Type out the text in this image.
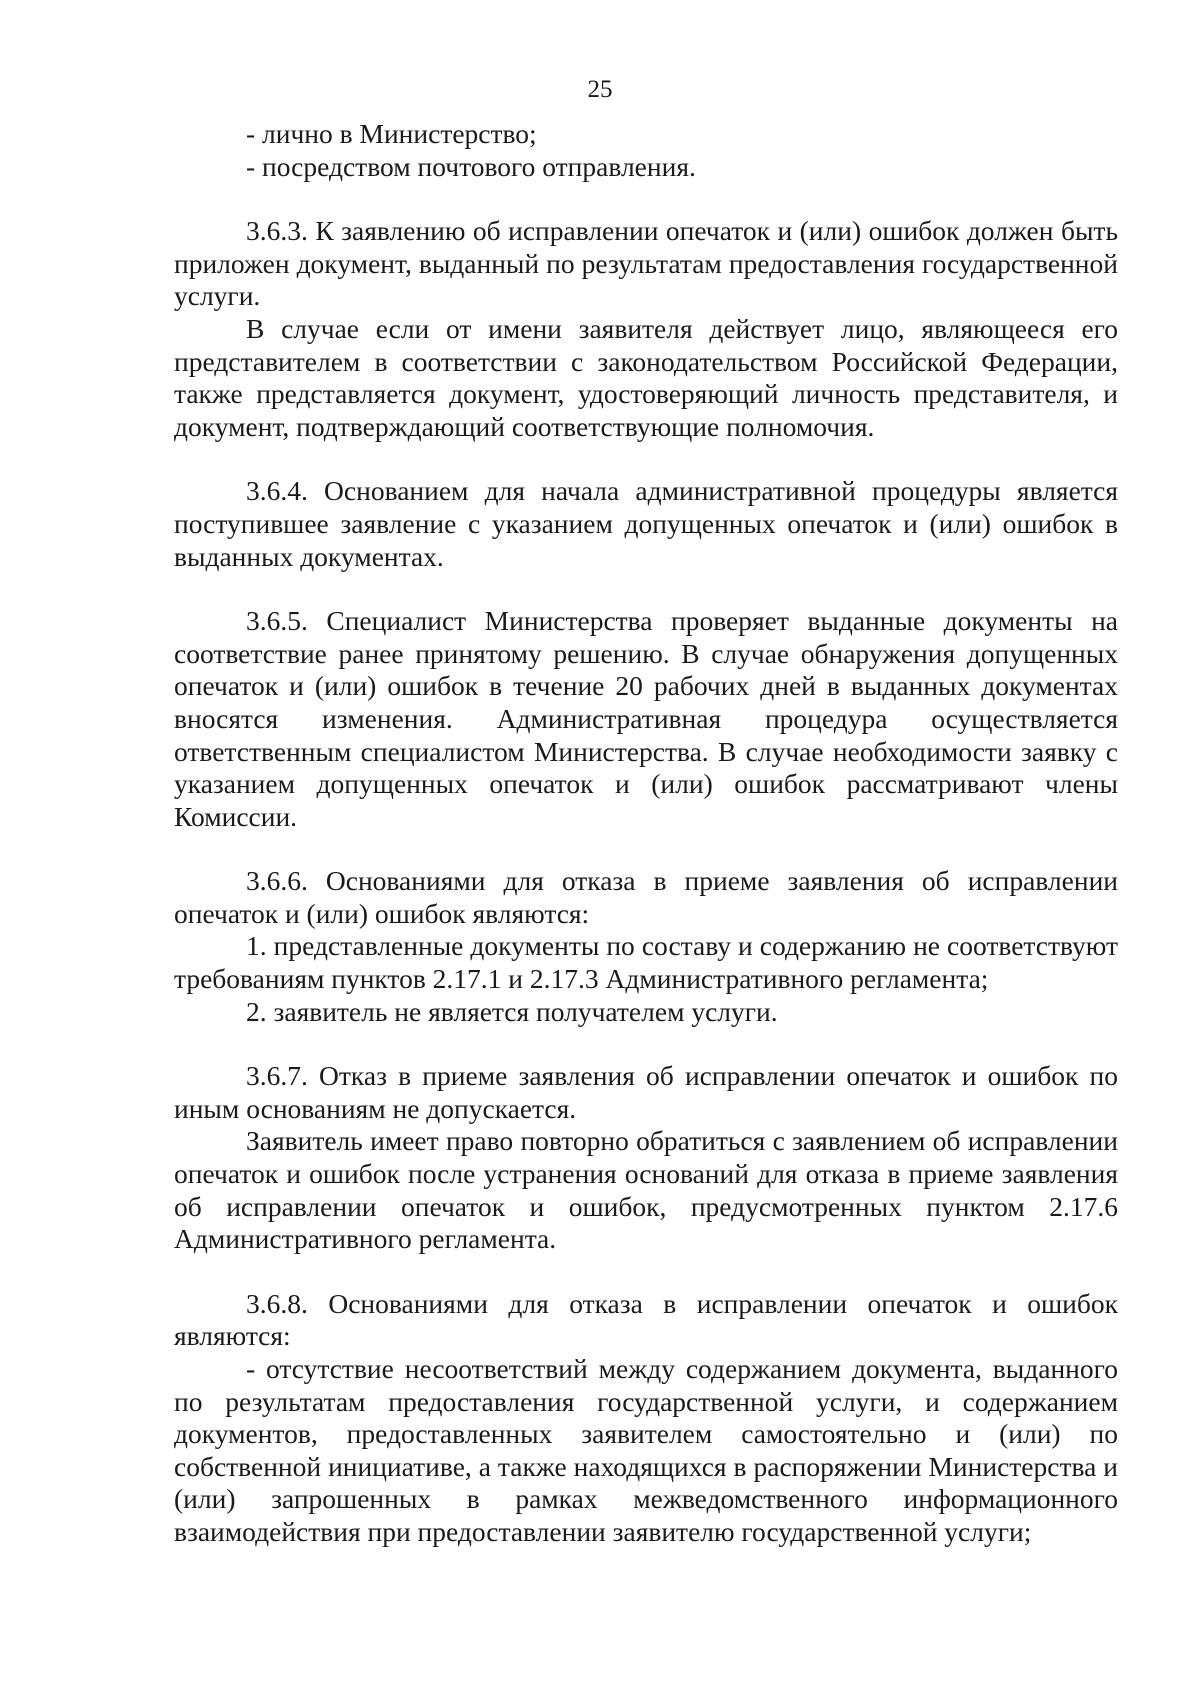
25

- лично в Министерство;

- посредством почтового отправления.

3.6.3. К заявлению об исправлении опечаток и (или) ошибок должен быть приложен документ, выданный по результатам предоставления государственной услуги.

В случае если от имени заявителя действует лицо, являющееся его представителем в соответствии с законодательством Российской Федерации, также представляется документ, удостоверяющий личность представителя, и документ, подтверждающий соответствующие полномочия.

3.6.4. Основанием для начала административной процедуры является поступившее заявление с указанием допущенных опечаток и (или) ошибок в выданных документах.

3.6.5. Специалист Министерства проверяет выданные документы на соответствие ранее принятому решению. В случае обнаружения допущенных опечаток и (или) ошибок в течение 20 рабочих дней в выданных документах вносятся изменения. Административная процедура осуществляется ответственным специалистом Министерства. В случае необходимости заявку с указанием допущенных опечаток и (или) ошибок рассматривают члены Комиссии.

3.6.6. Основаниями для отказа в приеме заявления об исправлении опечаток и (или) ошибок являются:

1. представленные документы по составу и содержанию не соответствуют требованиям пунктов 2.17.1 и 2.17.3 Административного регламента;

2. заявитель не является получателем услуги.

3.6.7. Отказ в приеме заявления об исправлении опечаток и ошибок по иным основаниям не допускается.

Заявитель имеет право повторно обратиться с заявлением об исправлении опечаток и ошибок после устранения оснований для отказа в приеме заявления об исправлении опечаток и ошибок, предусмотренных пунктом 2.17.6 Административного регламента.

3.6.8. Основаниями для отказа в исправлении опечаток и ошибок являются:

- отсутствие несоответствий между содержанием документа, выданного по результатам предоставления государственной услуги, и содержанием документов, предоставленных заявителем самостоятельно и (или) по собственной инициативе, а также находящихся в распоряжении Министерства и (или) запрошенных в рамках межведомственного информационного взаимодействия при предоставлении заявителю государственной услуги;
